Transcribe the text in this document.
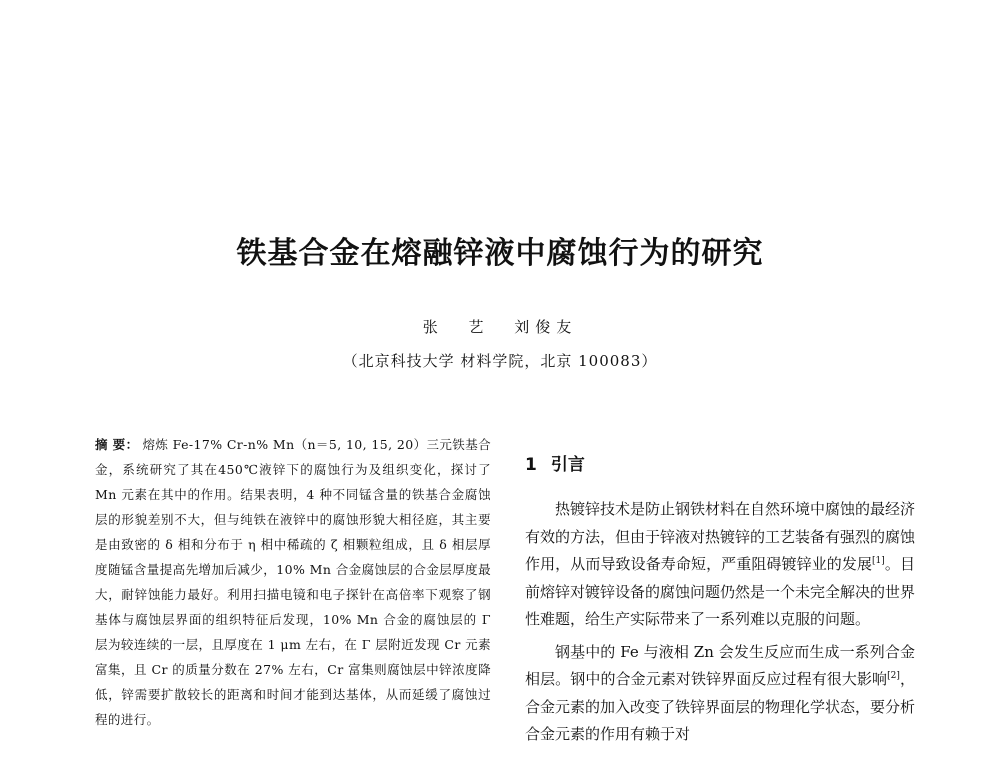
铁基合金在熔融锌液中腐蚀行为的研究
张 艺 刘俊友
（北京科技大学 材料学院，北京 100083）
摘 要： 熔炼 Fe-17% Cr-n% Mn（n＝5, 10, 15, 20）三元铁基合金，系统研究了其在450℃液锌下的腐蚀行为及组织变化，探讨了 Mn 元素在其中的作用。结果表明，4 种不同锰含量的铁基合金腐蚀层的形貌差别不大，但与纯铁在液锌中的腐蚀形貌大相径庭，其主要是由致密的 δ 相和分布于 η 相中稀疏的 ζ 相颗粒组成，且 δ 相层厚度随锰含量提高先增加后减少，10% Mn 合金腐蚀层的合金层厚度最大，耐锌蚀能力最好。利用扫描电镜和电子探针在高倍率下观察了钢基体与腐蚀层界面的组织特征后发现，10% Mn 合金的腐蚀层的 Γ 层为较连续的一层，且厚度在 1 μm 左右，在 Γ 层附近发现 Cr 元素富集，且 Cr 的质量分数在 27% 左右，Cr 富集则腐蚀层中锌浓度降低，锌需要扩散较长的距离和时间才能到达基体，从而延缓了腐蚀过程的进行。
1 引言

热镀锌技术是防止钢铁材料在自然环境中腐蚀的最经济有效的方法，但由于锌液对热镀锌的工艺装备有强烈的腐蚀作用，从而导致设备寿命短，严重阻碍镀锌业的发展[1]。目前熔锌对镀锌设备的腐蚀问题仍然是一个未完全解决的世界性难题，给生产实际带来了一系列难以克服的问题。

钢基中的 Fe 与液相 Zn 会发生反应而生成一系列合金相层。钢中的合金元素对铁锌界面反应过程有很大影响[2]，合金元素的加入改变了铁锌界面层的物理化学状态，要分析合金元素的作用有赖于对
